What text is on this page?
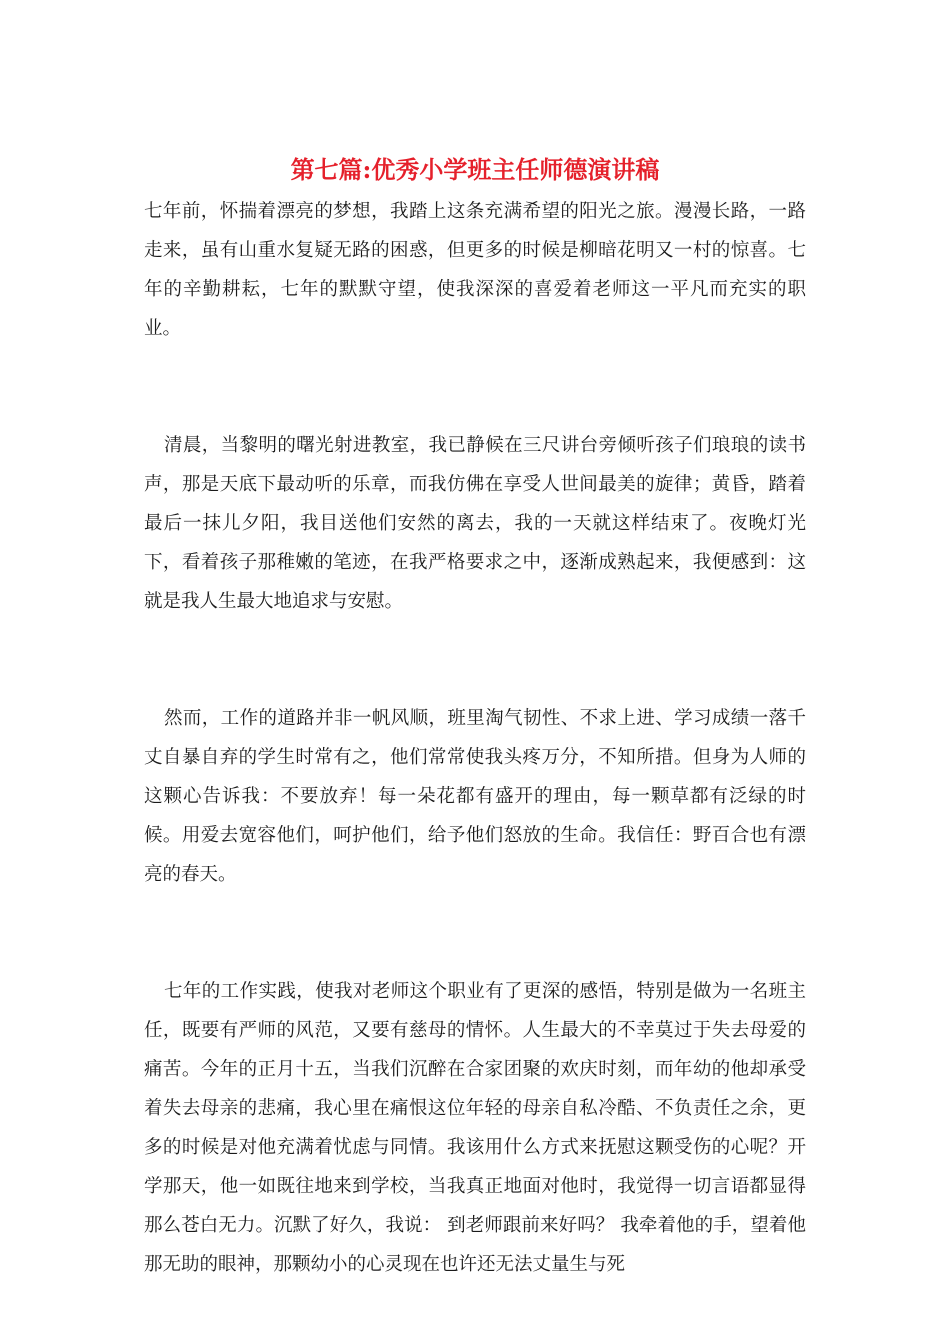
第七篇:优秀小学班主任师德演讲稿

七年前，怀揣着漂亮的梦想，我踏上这条充满希望的阳光之旅。漫漫长路，一路走来，虽有山重水复疑无路的困惑，但更多的时候是柳暗花明又一村的惊喜。七年的辛勤耕耘，七年的默默守望，使我深深的喜爱着老师这一平凡而充实的职业。

清晨，当黎明的曙光射进教室，我已静候在三尺讲台旁倾听孩子们琅琅的读书声，那是天底下最动听的乐章，而我仿佛在享受人世间最美的旋律；黄昏，踏着最后一抹儿夕阳，我目送他们安然的离去，我的一天就这样结束了。夜晚灯光下，看着孩子那稚嫩的笔迹，在我严格要求之中，逐渐成熟起来，我便感到：这就是我人生最大地追求与安慰。

然而，工作的道路并非一帆风顺，班里淘气韧性、不求上进、学习成绩一落千丈自暴自弃的学生时常有之，他们常常使我头疼万分，不知所措。但身为人师的这颗心告诉我：不要放弃！每一朵花都有盛开的理由，每一颗草都有泛绿的时候。用爱去宽容他们，呵护他们，给予他们怒放的生命。我信任：野百合也有漂亮的春天。

七年的工作实践，使我对老师这个职业有了更深的感悟，特别是做为一名班主任，既要有严师的风范，又要有慈母的情怀。人生最大的不幸莫过于失去母爱的痛苦。今年的正月十五，当我们沉醉在合家团聚的欢庆时刻，而年幼的他却承受着失去母亲的悲痛，我心里在痛恨这位年轻的母亲自私冷酷、不负责任之余，更多的时候是对他充满着忧虑与同情。我该用什么方式来抚慰这颗受伤的心呢？开学那天，他一如既往地来到学校，当我真正地面对他时，我觉得一切言语都显得那么苍白无力。沉默了好久，我说： 到老师跟前来好吗？ 我牵着他的手，望着他那无助的眼神，那颗幼小的心灵现在也许还无法丈量生与死
